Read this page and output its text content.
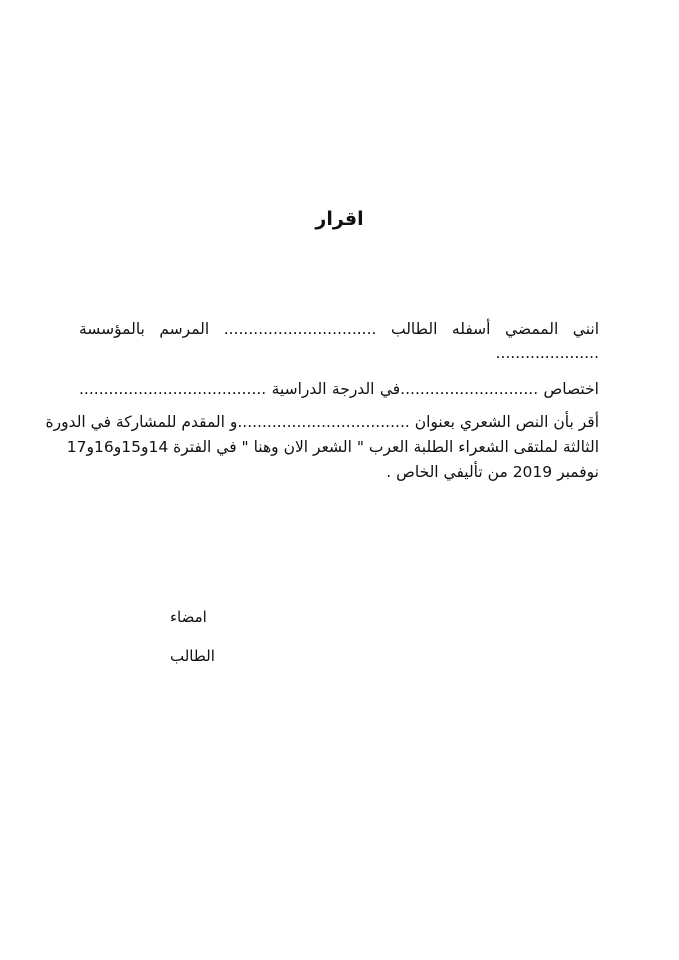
اقرار
انني
الممضي
أسفله
الطالب
...............................
المرسم
بالمؤسسة
.....................
اختصاص ............................في الدرجة الدراسية ......................................
أقر بأن النص الشعري بعنوان ...................................و المقدم للمشاركة في الدورة
الثالثة لملتقى الشعراء الطلبة العرب " الشعر الان وهنا " في الفترة 14و15و16و17
نوفمبر 2019 من تأليفي الخاص .
امضاء
الطالب
